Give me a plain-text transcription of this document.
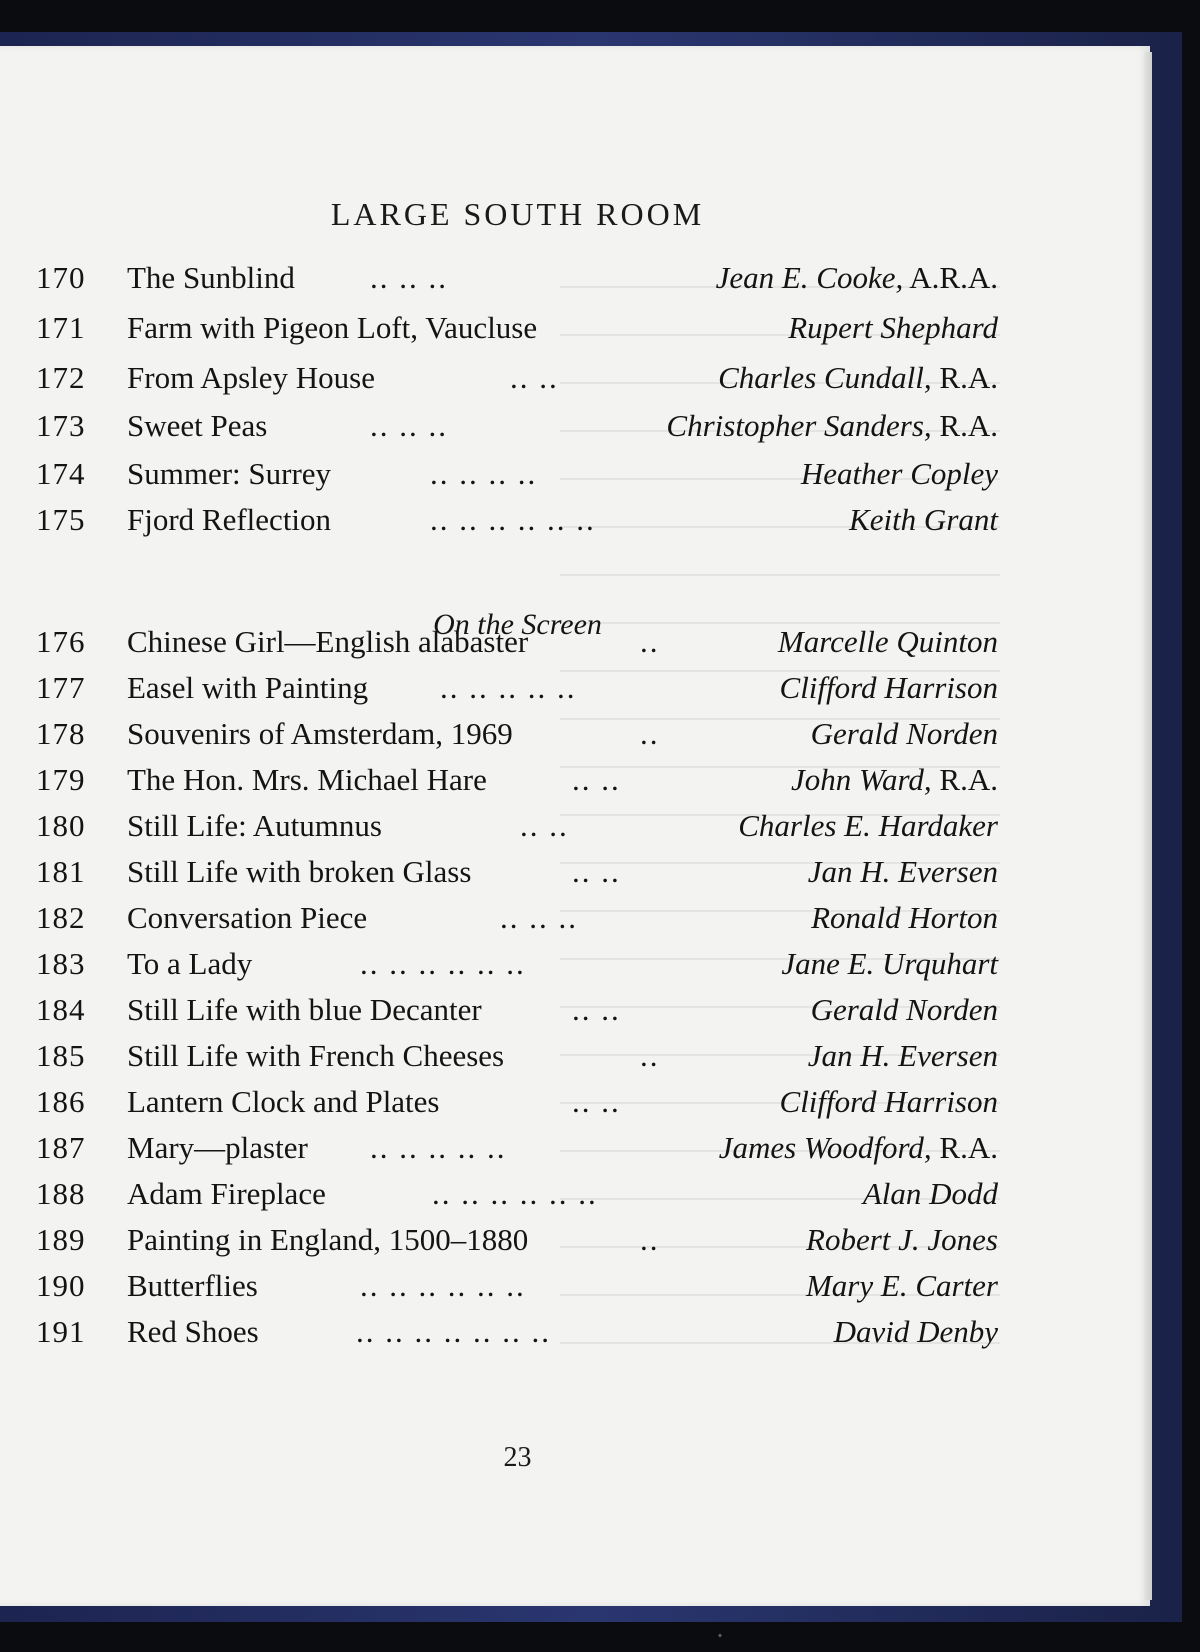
LARGE SOUTH ROOM
On the Screen
170 The Sunblind .. .. ..	Jean E. Cooke, A.R.A.
171 Farm with Pigeon Loft, Vaucluse	Rupert Shephard
172 From Apsley House	.. ..	Charles Cundall, R.A.
173 Sweet Peas	.. .. ..	Christopher Sanders, R.A.
174 Summer: Surrey	.. .. .. ..	Heather Copley
175 Fjord Reflection	.. .. .. .. .. ..	Keith Grant
176 Chinese Girl—English alabaster	..	Marcelle Quinton
177 Easel with Painting .. .. .. .. ..	Clifford Harrison
178 Souvenirs of Amsterdam, 1969	..	Gerald Norden
179 The Hon. Mrs. Michael Hare	.. ..	John Ward, R.A.
180 Still Life: Autumnus	.. ..	Charles E. Hardaker
181 Still Life with broken Glass	.. ..	Jan H. Eversen
182 Conversation Piece	.. .. ..	Ronald Horton
183 To a Lady	.. .. .. .. .. ..	Jane E. Urquhart
184 Still Life with blue Decanter	.. ..	Gerald Norden
185 Still Life with French Cheeses	..	Jan H. Eversen
186 Lantern Clock and Plates	.. ..	Clifford Harrison
187 Mary—plaster .. .. .. .. ..	James Woodford, R.A.
188 Adam Fireplace	.. .. .. .. .. ..	Alan Dodd
189 Painting in England, 1500–1880	..	Robert J. Jones
190 Butterflies	.. .. .. .. .. ..	Mary E. Carter
191 Red Shoes	.. .. .. .. .. .. ..	David Denby
23
